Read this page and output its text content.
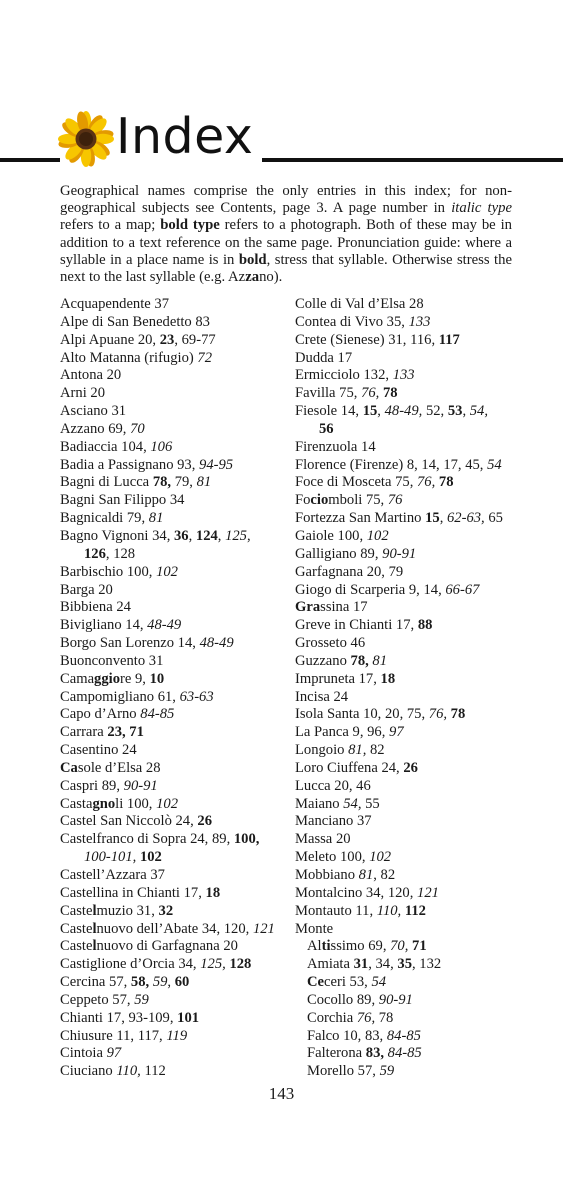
Index

Geographical names comprise the only entries in this index; for non-geographical subjects see Contents, page 3. A page number in italic type refers to a map; bold type refers to a photograph. Both of these may be in addition to a text reference on the same page. Pronunciation guide: where a syllable in a place name is in bold, stress that syllable. Otherwise stress the next to the last syllable (e.g. Azzano).

Acquapendente 37
Alpe di San Benedetto 83
Alpi Apuane 20, 23, 69-77
Alto Matanna (rifugio) 72
Antona 20
Arni 20
Asciano 31
Azzano 69, 70
Badiaccia 104, 106
Badia a Passignano 93, 94-95
Bagni di Lucca 78, 79, 81
Bagni San Filippo 34
Bagnicaldi 79, 81
Bagno Vignoni 34, 36, 124, 125,
126, 128
Barbischio 100, 102
Barga 20
Bibbiena 24
Bivigliano 14, 48-49
Borgo San Lorenzo 14, 48-49
Buonconvento 31
Camaggiore 9, 10
Campomigliano 61, 63-63
Capo d’Arno 84-85
Carrara 23, 71
Casentino 24
Casole d’Elsa 28
Caspri 89, 90-91
Castagnoli 100, 102
Castel San Niccolò 24, 26
Castelfranco di Sopra 24, 89, 100,
100-101, 102
Castell’Azzara 37
Castellina in Chianti 17, 18
Castelmuzio 31, 32
Castelnuovo dell’Abate 34, 120, 121
Castelnuovo di Garfagnana 20
Castiglione d’Orcia 34, 125, 128
Cercina 57, 58, 59, 60
Ceppeto 57, 59
Chianti 17, 93-109, 101
Chiusure 11, 117, 119
Cintoia 97
Ciuciano 110, 112
Colle di Val d’Elsa 28
Contea di Vivo 35, 133
Crete (Sienese) 31, 116, 117
Dudda 17
Ermicciolo 132, 133
Favilla 75, 76, 78
Fiesole 14, 15, 48-49, 52, 53, 54,
56
Firenzuola 14
Florence (Firenze) 8, 14, 17, 45, 54
Foce di Mosceta 75, 76, 78
Fociomboli 75, 76
Fortezza San Martino 15, 62-63, 65
Gaiole 100, 102
Galligiano 89, 90-91
Garfagnana 20, 79
Giogo di Scarperia 9, 14, 66-67
Grassina 17
Greve in Chianti 17, 88
Grosseto 46
Guzzano 78, 81
Impruneta 17, 18
Incisa 24
Isola Santa 10, 20, 75, 76, 78
La Panca 9, 96, 97
Longoio 81, 82
Loro Ciuffena 24, 26
Lucca 20, 46
Maiano 54, 55
Manciano 37
Massa 20
Meleto 100, 102
Mobbiano 81, 82
Montalcino 34, 120, 121
Montauto 11, 110, 112
Monte
Altissimo 69, 70, 71
Amiata 31, 34, 35, 132
Ceceri 53, 54
Cocollo 89, 90-91
Corchia 76, 78
Falco 10, 83, 84-85
Falterona 83, 84-85
Morello 57, 59
143
